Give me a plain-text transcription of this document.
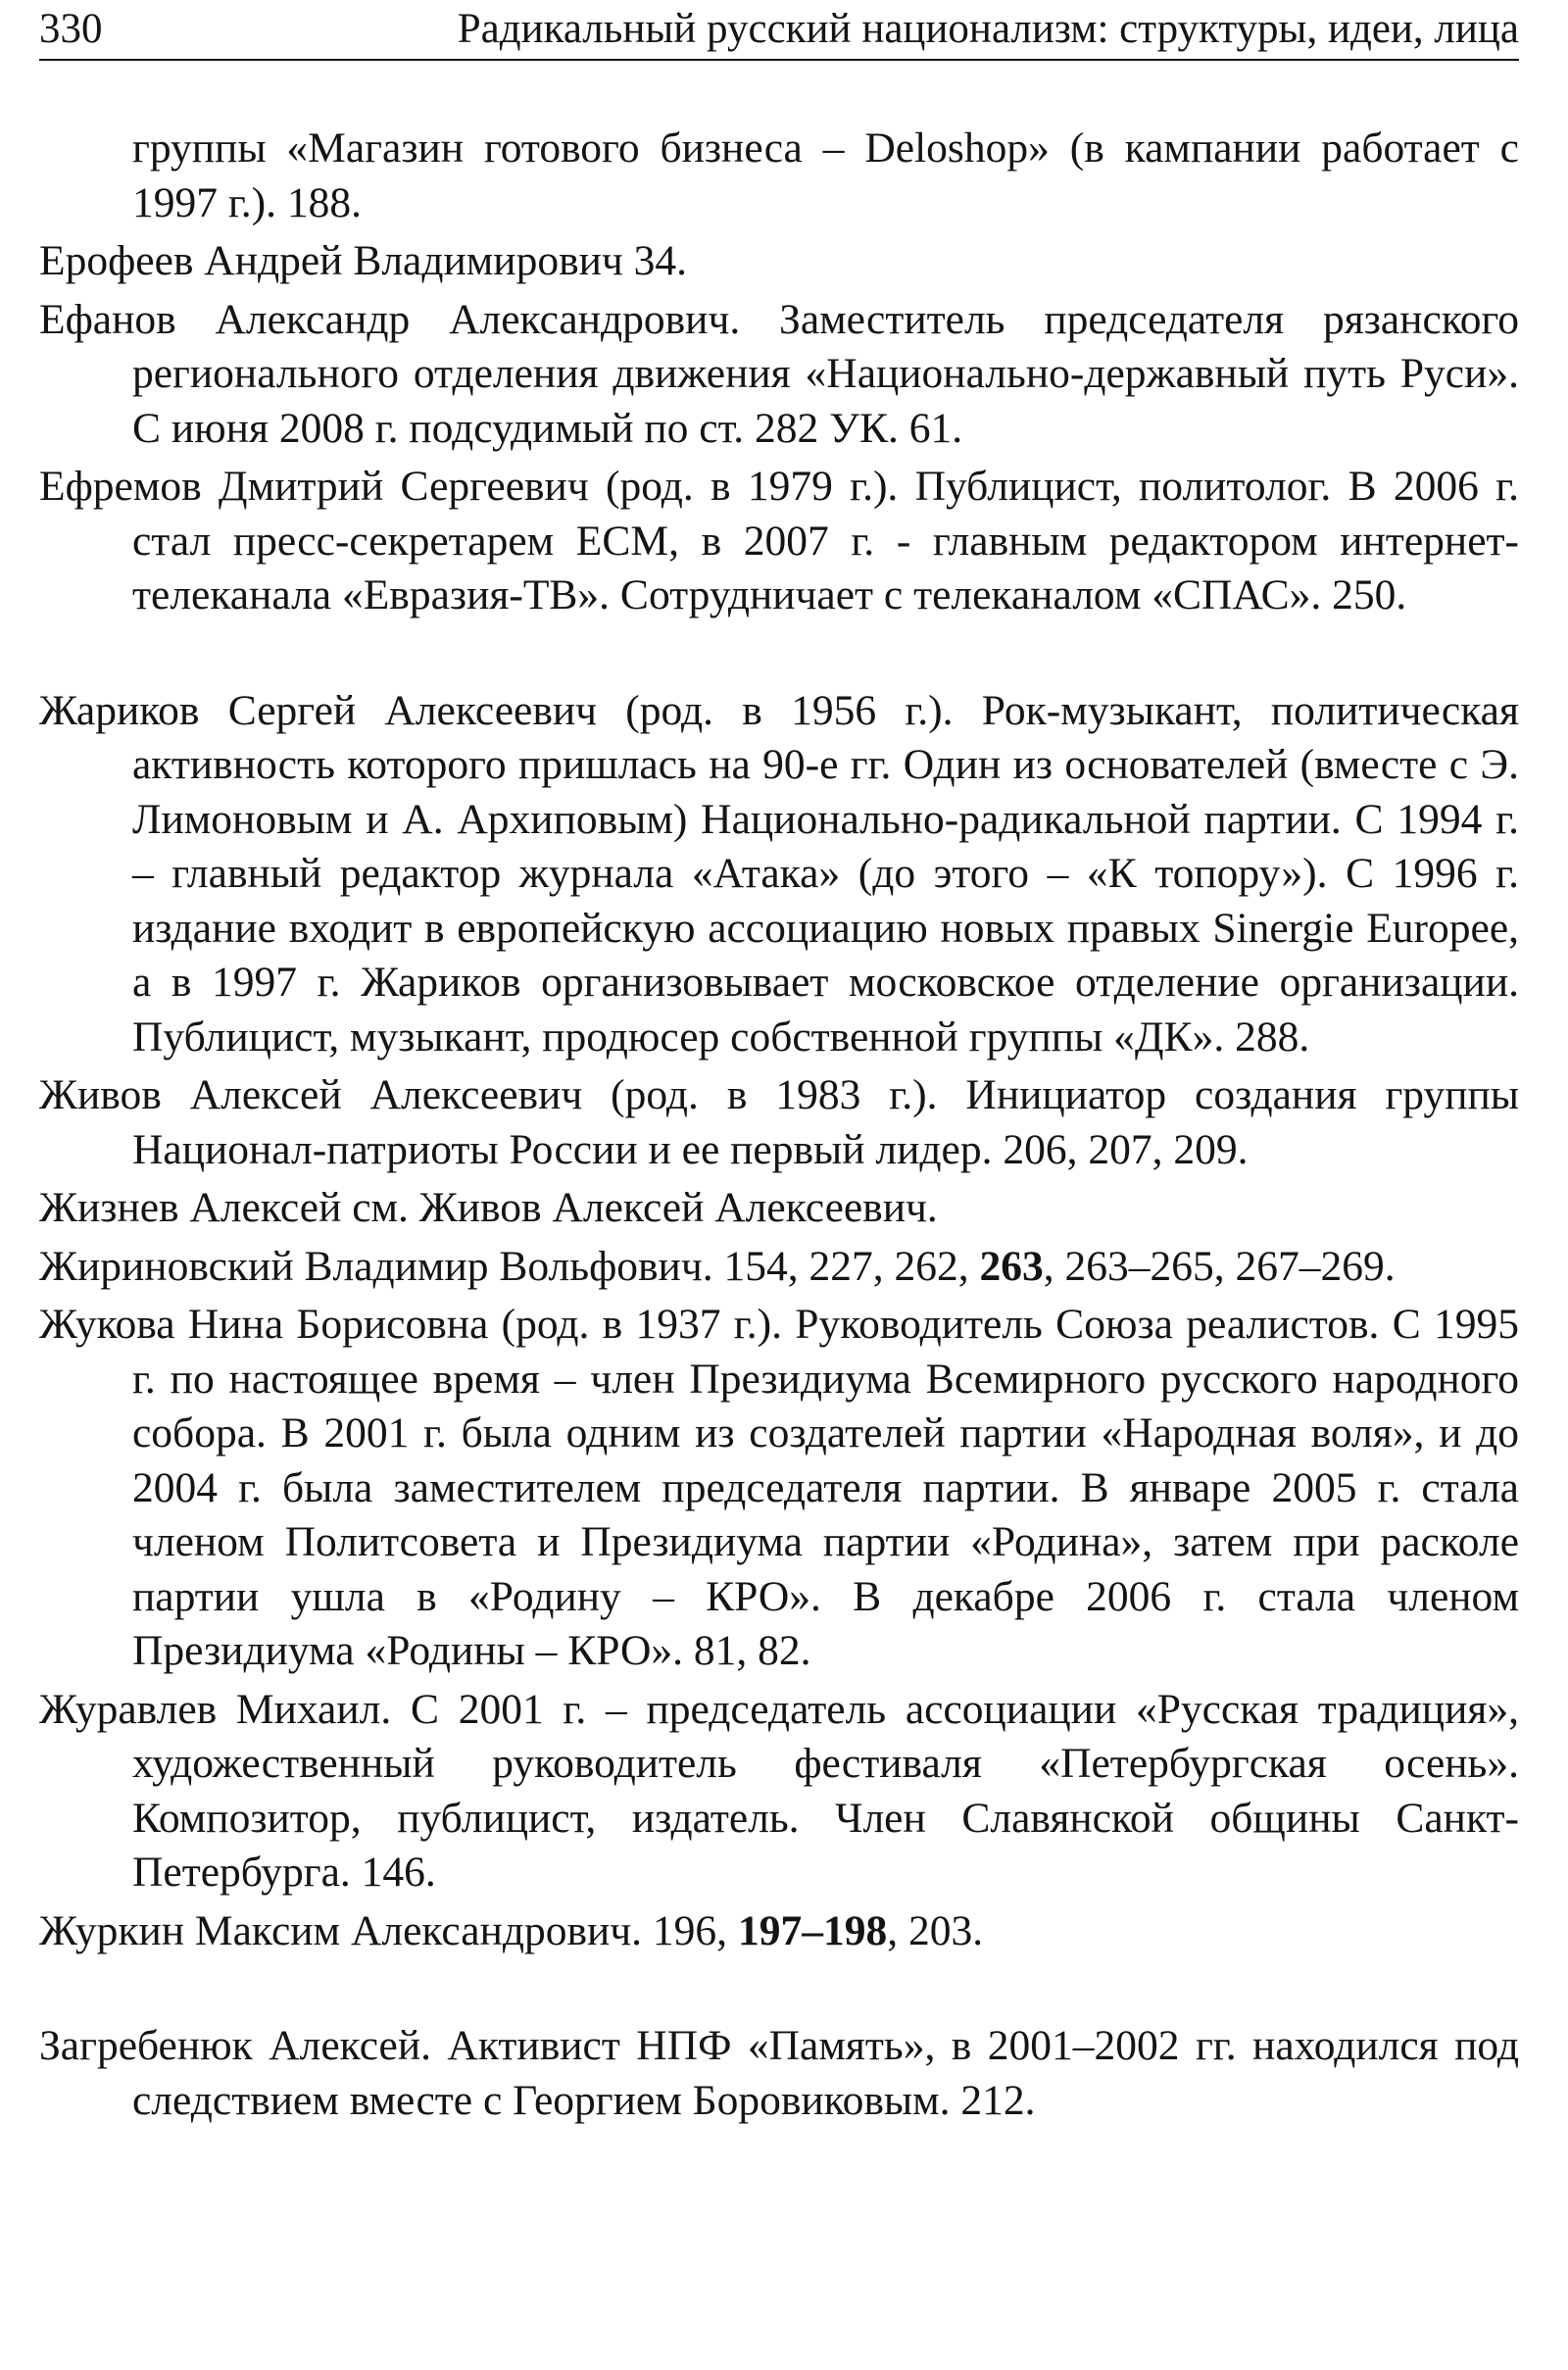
330	Радикальный русский национализм: структуры, идеи, лица

группы «Магазин готового бизнеса – Deloshop» (в кампании работает с 1997 г.). 188.

Ерофеев Андрей Владимирович 34.

Ефанов Александр Александрович. Заместитель председателя рязанского регионального отделения движения «Национально-державный путь Руси». С июня 2008 г. подсудимый по ст. 282 УК. 61.

Ефремов Дмитрий Сергеевич (род. в 1979 г.). Публицист, политолог. В 2006 г. стал пресс-секретарем ЕСМ, в 2007 г. - главным редактором интернет-телеканала «Евразия-ТВ». Сотрудничает с телеканалом «СПАС». 250.

Жариков Сергей Алексеевич (род. в 1956 г.). Рок-музыкант, политическая активность которого пришлась на 90-е гг. Один из основателей (вместе с Э. Лимоновым и А. Архиповым) Национально-радикальной партии. С 1994 г. – главный редактор журнала «Атака» (до этого – «К топору»). С 1996 г. издание входит в европейскую ассоциацию новых правых Sinergie Europee, а в 1997 г. Жариков организовывает московское отделение организации. Публицист, музыкант, продюсер собственной группы «ДК». 288.

Живов Алексей Алексеевич (род. в 1983 г.). Инициатор создания группы Национал-патриоты России и ее первый лидер. 206, 207, 209.

Жизнев Алексей см. Живов Алексей Алексеевич.

Жириновский Владимир Вольфович. 154, 227, 262, 263, 263–265, 267–269.

Жукова Нина Борисовна (род. в 1937 г.). Руководитель Союза реалистов. С 1995 г. по настоящее время – член Президиума Всемирного русского народного собора. В 2001 г. была одним из создателей партии «Народная воля», и до 2004 г. была заместителем председателя партии. В январе 2005 г. стала членом Политсовета и Президиума партии «Родина», затем при расколе партии ушла в «Родину – КРО». В декабре 2006 г. стала членом Президиума «Родины – КРО». 81, 82.

Журавлев Михаил. С 2001 г. – председатель ассоциации «Русская традиция», художественный руководитель фестиваля «Петербургская осень». Композитор, публицист, издатель. Член Славянской общины Санкт-Петербурга. 146.

Журкин Максим Александрович. 196, 197–198, 203.

Загребенюк Алексей. Активист НПФ «Память», в 2001–2002 гг. находился под следствием вместе с Георгием Боровиковым. 212.
